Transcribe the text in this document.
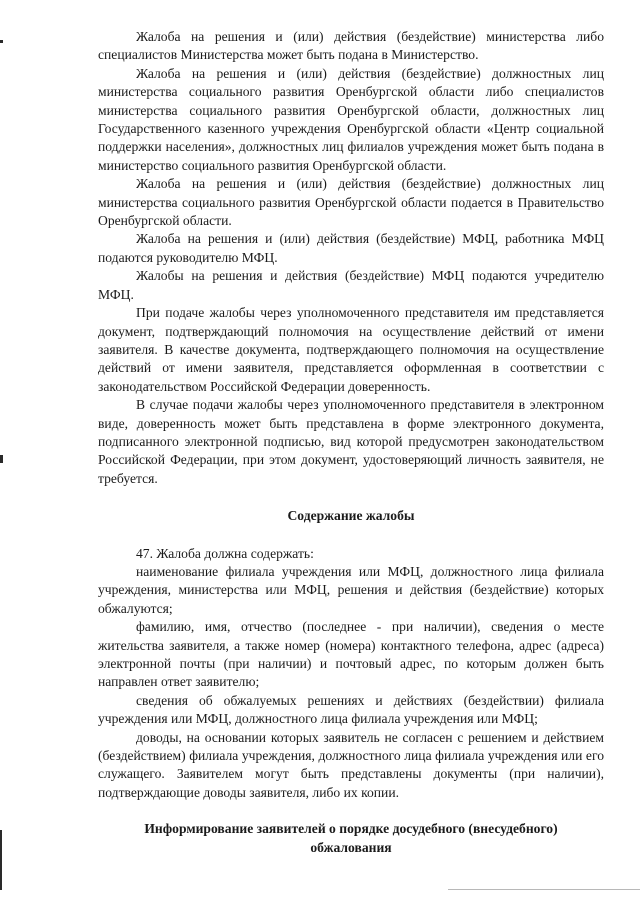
Жалоба на решения и (или) действия (бездействие) министерства либо специалистов Министерства может быть подана в Министерство.

Жалоба на решения и (или) действия (бездействие) должностных лиц министерства социального развития Оренбургской области либо специалистов министерства социального развития Оренбургской области, должностных лиц Государственного казенного учреждения Оренбургской области «Центр социальной поддержки населения», должностных лиц филиалов учреждения может быть подана в министерство социального развития Оренбургской области.

Жалоба на решения и (или) действия (бездействие) должностных лиц министерства социального развития Оренбургской области подается в Правительство Оренбургской области.

Жалоба на решения и (или) действия (бездействие) МФЦ, работника МФЦ подаются руководителю МФЦ.

Жалобы на решения и действия (бездействие) МФЦ подаются учредителю МФЦ.

При подаче жалобы через уполномоченного представителя им представляется документ, подтверждающий полномочия на осуществление действий от имени заявителя. В качестве документа, подтверждающего полномочия на осуществление действий от имени заявителя, представляется оформленная в соответствии с законодательством Российской Федерации доверенность.

В случае подачи жалобы через уполномоченного представителя в электронном виде, доверенность может быть представлена в форме электронного документа, подписанного электронной подписью, вид которой предусмотрен законодательством Российской Федерации, при этом документ, удостоверяющий личность заявителя, не требуется.

Содержание жалобы

47. Жалоба должна содержать:

наименование филиала учреждения или МФЦ, должностного лица филиала учреждения, министерства или МФЦ, решения и действия (бездействие) которых обжалуются;

фамилию, имя, отчество (последнее - при наличии), сведения о месте жительства заявителя, а также номер (номера) контактного телефона, адрес (адреса) электронной почты (при наличии) и почтовый адрес, по которым должен быть направлен ответ заявителю;

сведения об обжалуемых решениях и действиях (бездействии) филиала учреждения или МФЦ, должностного лица филиала учреждения или МФЦ;

доводы, на основании которых заявитель не согласен с решением и действием (бездействием) филиала учреждения, должностного лица филиала учреждения или его служащего. Заявителем могут быть представлены документы (при наличии), подтверждающие доводы заявителя, либо их копии.

Информирование заявителей о порядке досудебного (внесудебного) обжалования
